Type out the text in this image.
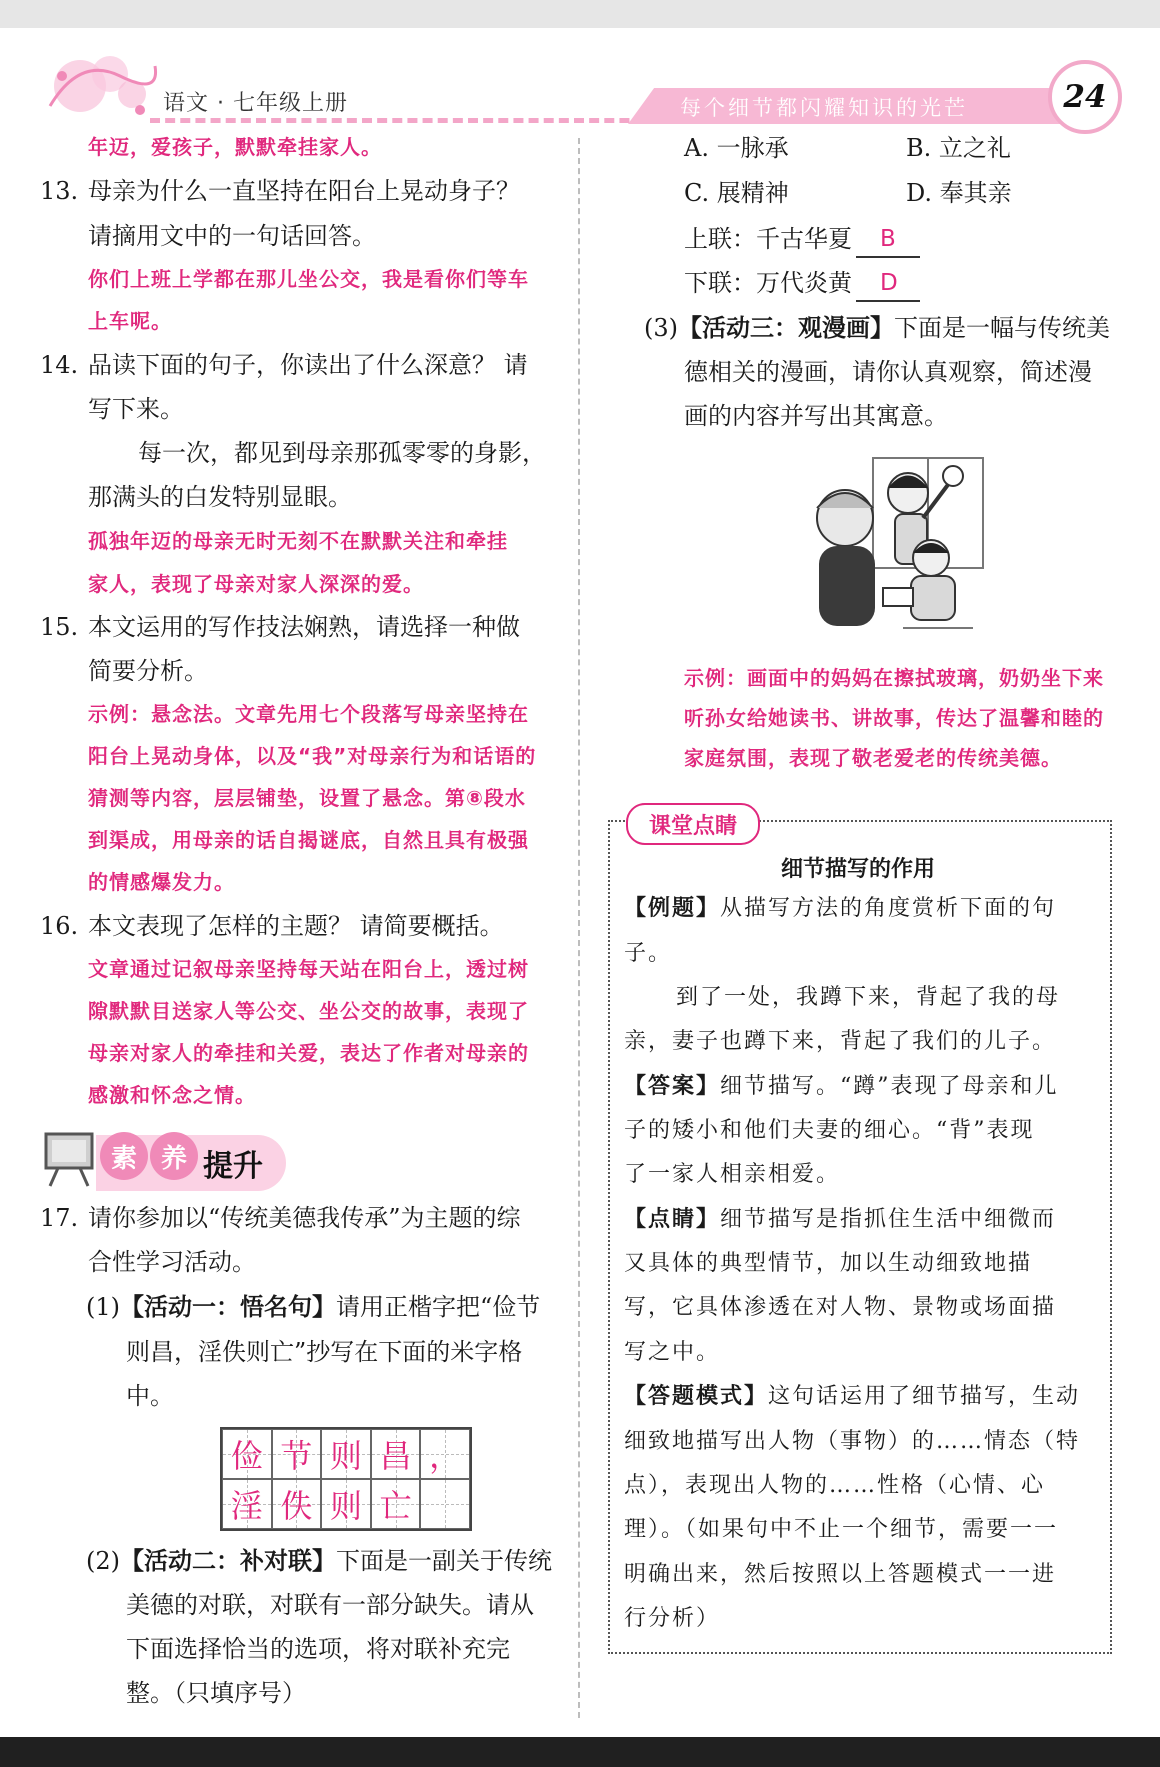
语文 · 七年级上册	每个细节都闪耀知识的光芒	24
年迈，爱孩子，默默牵挂家人。
13. 母亲为什么一直坚持在阳台上晃动身子？
请摘用文中的一句话回答。
你们上班上学都在那儿坐公交，我是看你们等车
上车呢。
14. 品读下面的句子，你读出了什么深意？ 请
写下来。
每一次，都见到母亲那孤零零的身影，
那满头的白发特别显眼。
孤独年迈的母亲无时无刻不在默默关注和牵挂
家人，表现了母亲对家人深深的爱。
15. 本文运用的写作技法娴熟，请选择一种做
简要分析。
示例：悬念法。文章先用七个段落写母亲坚持在
阳台上晃动身体，以及“我”对母亲行为和话语的
猜测等内容，层层铺垫，设置了悬念。第⑧段水
到渠成，用母亲的话自揭谜底，自然且具有极强
的情感爆发力。
16. 本文表现了怎样的主题？ 请简要概括。
文章通过记叙母亲坚持每天站在阳台上，透过树
隙默默目送家人等公交、坐公交的故事，表现了
母亲对家人的牵挂和关爱，表达了作者对母亲的
感激和怀念之情。
素 养 提升
17. 请你参加以“传统美德我传承”为主题的综
合性学习活动。
(1)【活动一：悟名句】请用正楷字把“俭节
则昌，淫佚则亡”抄写在下面的米字格
中。
俭 节 则 昌 ，
淫 佚 则 亡
(2)【活动二：补对联】下面是一副关于传统
美德的对联，对联有一部分缺失。请从
下面选择恰当的选项，将对联补充完
整。（只填序号）
A. 一脉承	B. 立之礼
C. 展精神	D. 奉其亲
上联：千古华夏 B
下联：万代炎黄 D
(3)【活动三：观漫画】下面是一幅与传统美
德相关的漫画，请你认真观察，简述漫
画的内容并写出其寓意。
示例：画面中的妈妈在擦拭玻璃，奶奶坐下来
听孙女给她读书、讲故事，传达了温馨和睦的
家庭氛围，表现了敬老爱老的传统美德。
课堂点睛
细节描写的作用
【例题】从描写方法的角度赏析下面的句
子。
到了一处，我蹲下来，背起了我的母
亲，妻子也蹲下来，背起了我们的儿子。
【答案】细节描写。“蹲”表现了母亲和儿
子的矮小和他们夫妻的细心。“背”表现
了一家人相亲相爱。
【点睛】细节描写是指抓住生活中细微而
又具体的典型情节，加以生动细致地描
写，它具体渗透在对人物、景物或场面描
写之中。
【答题模式】这句话运用了细节描写，生动
细致地描写出人物（事物）的……情态（特
点），表现出人物的……性格（心情、心
理）。（如果句中不止一个细节，需要一一
明确出来，然后按照以上答题模式一一进
行分析）
